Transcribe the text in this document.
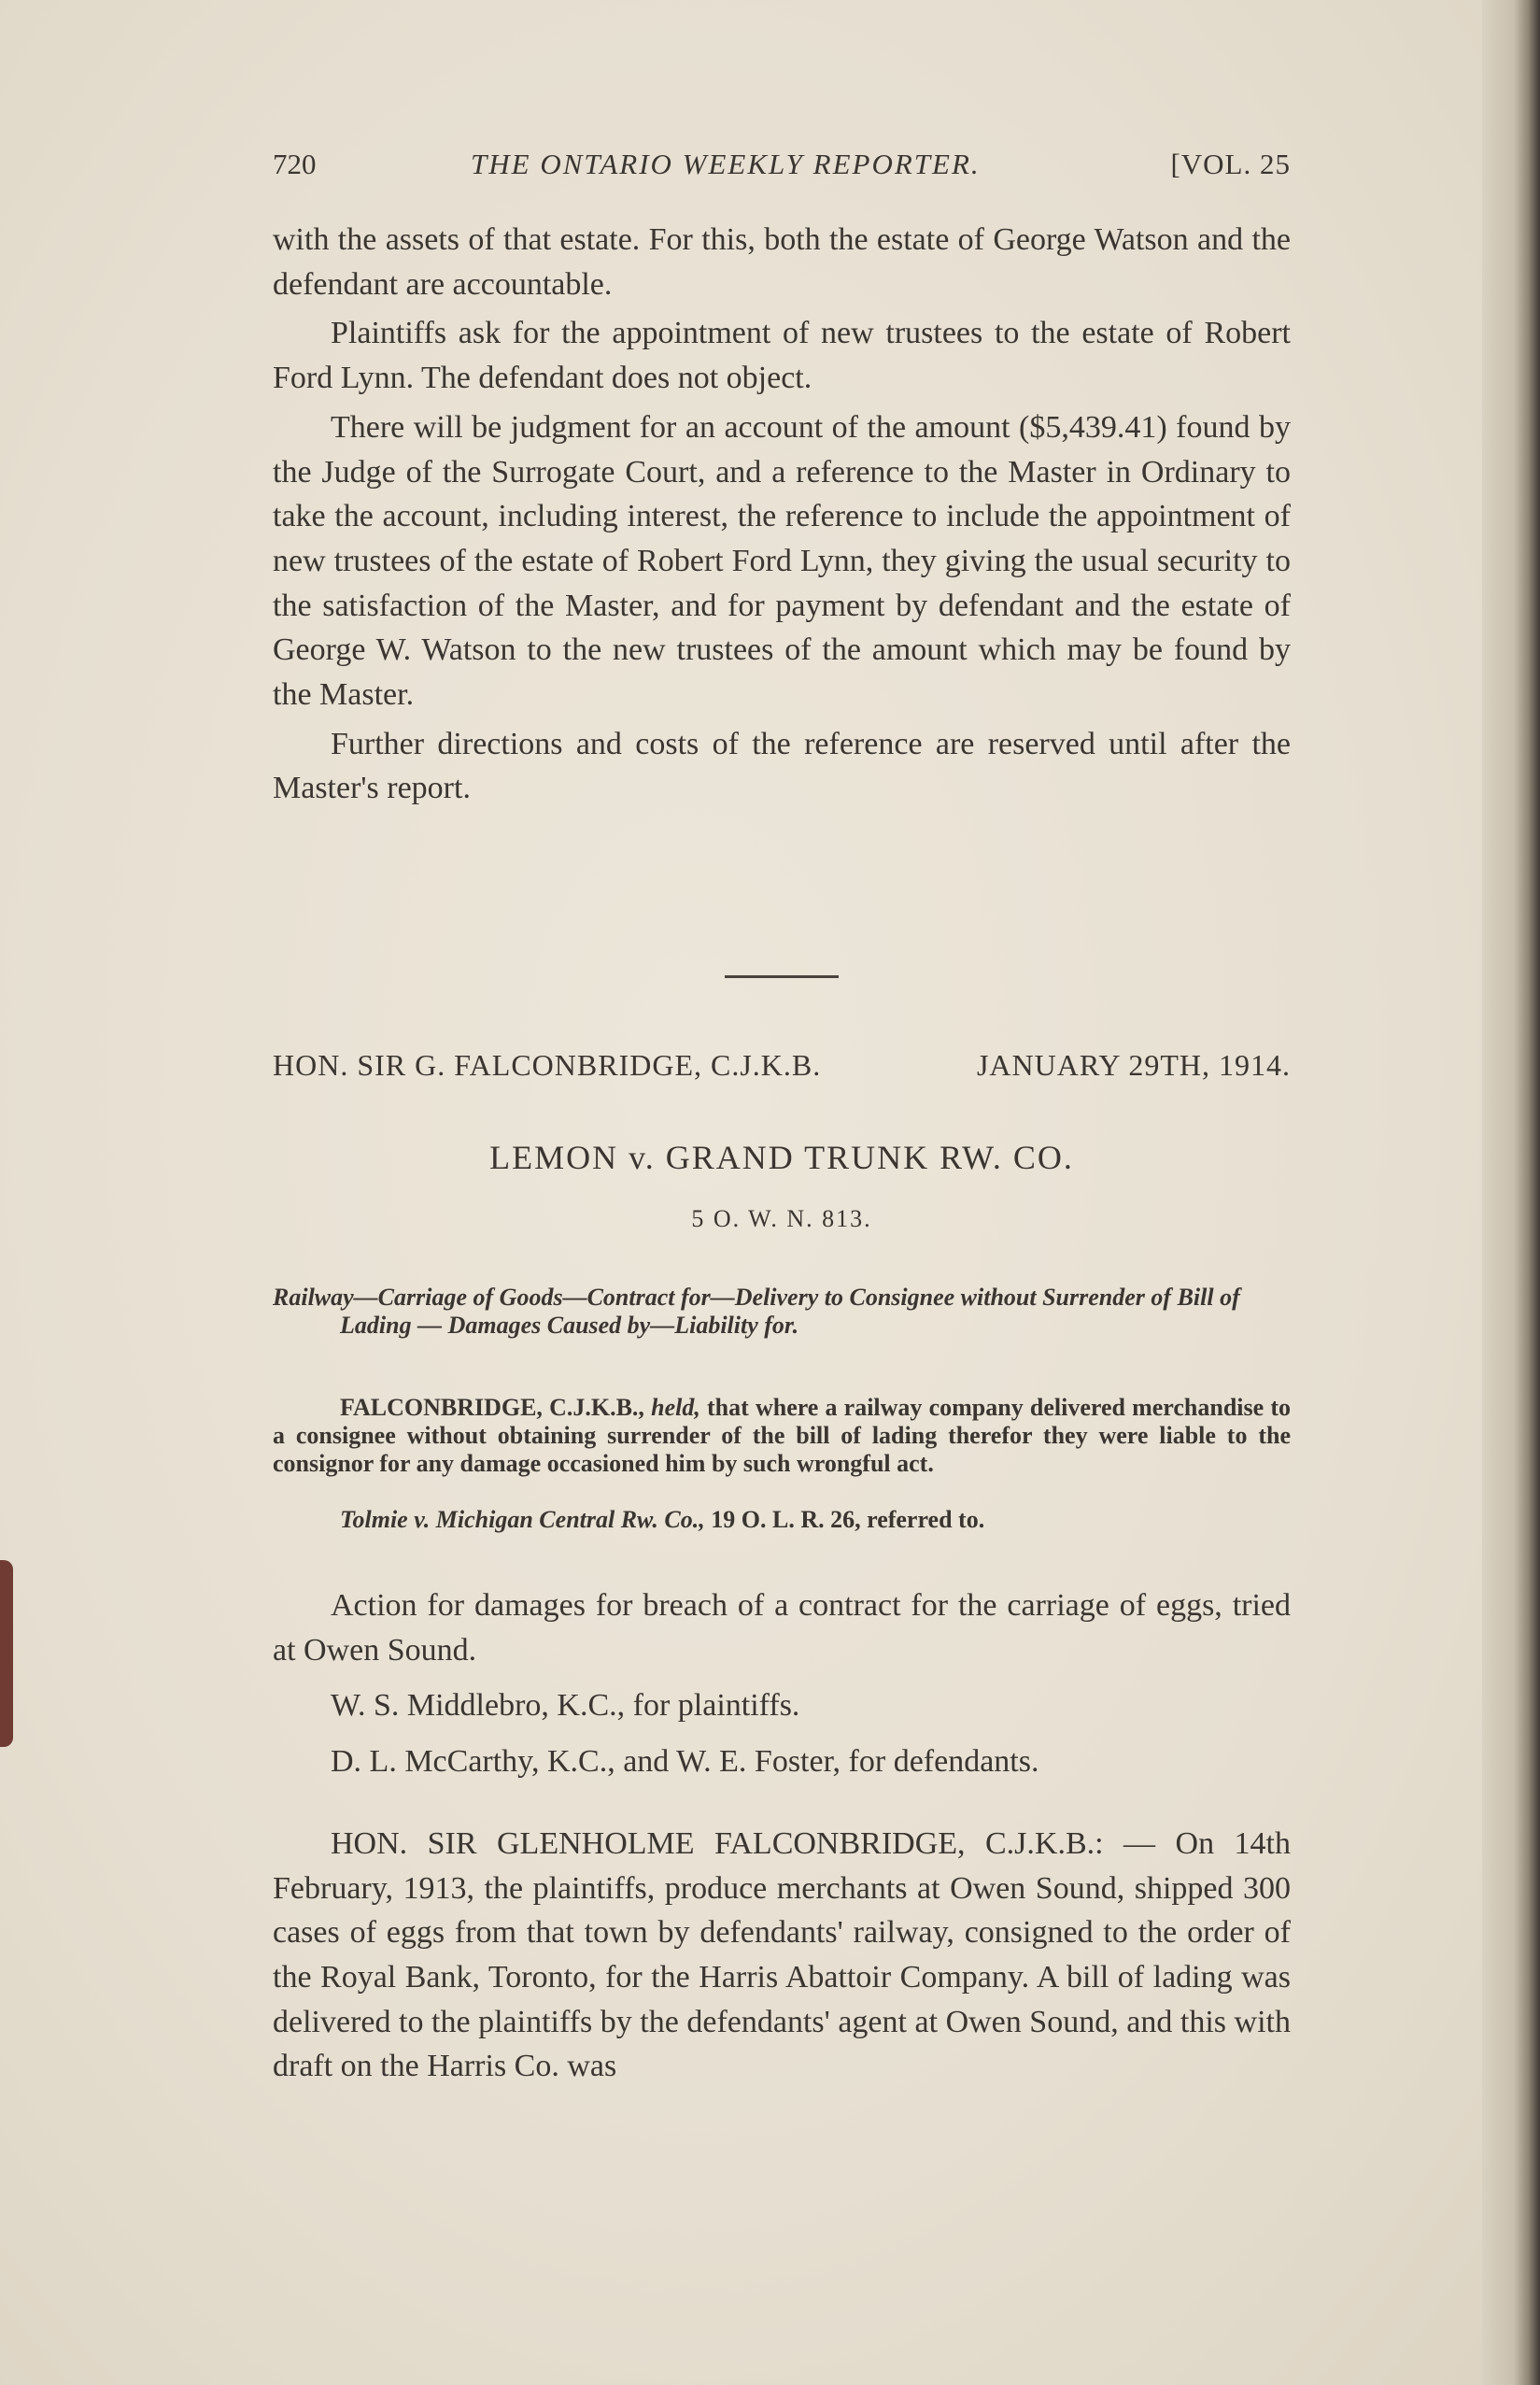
720	THE ONTARIO WEEKLY REPORTER.	[VOL. 25

with the assets of that estate. For this, both the estate of George Watson and the defendant are accountable.

Plaintiffs ask for the appointment of new trustees to the estate of Robert Ford Lynn. The defendant does not object.

There will be judgment for an account of the amount ($5,439.41) found by the Judge of the Surrogate Court, and a reference to the Master in Ordinary to take the account, including interest, the reference to include the appointment of new trustees of the estate of Robert Ford Lynn, they giving the usual security to the satisfaction of the Master, and for payment by defendant and the estate of George W. Watson to the new trustees of the amount which may be found by the Master.

Further directions and costs of the reference are reserved until after the Master's report.

HON. SIR G. FALCONBRIDGE, C.J.K.B.	JANUARY 29TH, 1914.
LEMON v. GRAND TRUNK RW. CO.
5 O. W. N. 813.

Railway—Carriage of Goods—Contract for—Delivery to Consignee without Surrender of Bill of Lading — Damages Caused by—Liability for.

FALCONBRIDGE, C.J.K.B., held, that where a railway company delivered merchandise to a consignee without obtaining surrender of the bill of lading therefor they were liable to the consignor for any damage occasioned him by such wrongful act.

Tolmie v. Michigan Central Rw. Co., 19 O. L. R. 26, referred to.

Action for damages for breach of a contract for the carriage of eggs, tried at Owen Sound.

W. S. Middlebro, K.C., for plaintiffs.

D. L. McCarthy, K.C., and W. E. Foster, for defendants.

HON. SIR GLENHOLME FALCONBRIDGE, C.J.K.B.: — On 14th February, 1913, the plaintiffs, produce merchants at Owen Sound, shipped 300 cases of eggs from that town by defendants' railway, consigned to the order of the Royal Bank, Toronto, for the Harris Abattoir Company. A bill of lading was delivered to the plaintiffs by the defendants' agent at Owen Sound, and this with draft on the Harris Co. was
